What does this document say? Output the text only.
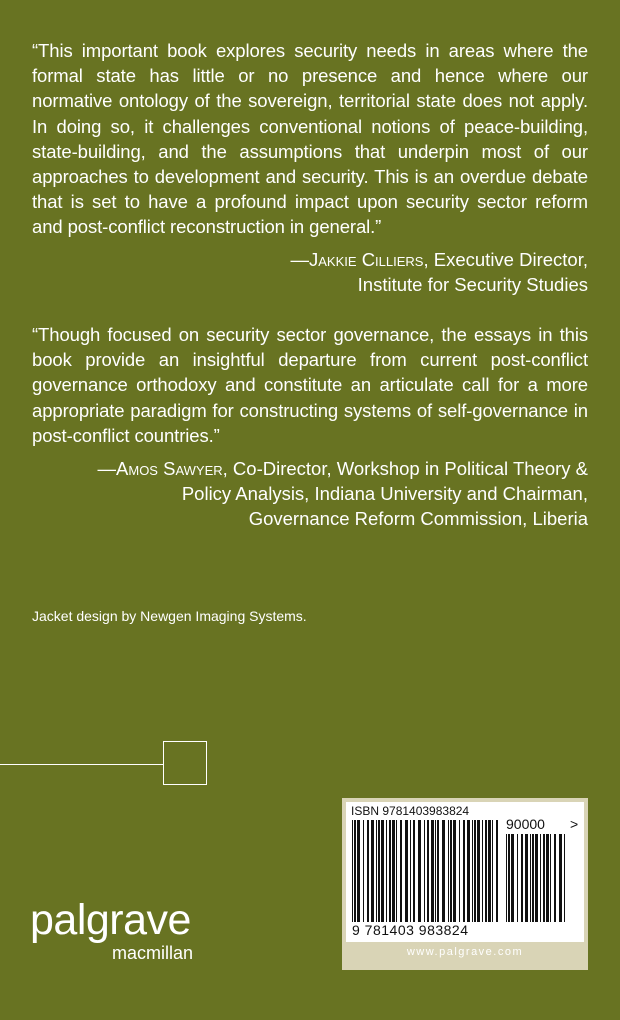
“This important book explores security needs in areas where the formal state has little or no presence and hence where our normative ontology of the sovereign, territorial state does not apply. In doing so, it challenges conventional notions of peace-building, state-building, and the assumptions that underpin most of our approaches to development and security. This is an overdue debate that is set to have a profound impact upon security sector reform and post-conflict reconstruction in general.”

—Jakkie Cilliers, Executive Director,
Institute for Security Studies

“Though focused on security sector governance, the essays in this book provide an insightful departure from current post-conflict governance orthodoxy and constitute an articulate call for a more appropriate paradigm for constructing systems of self-governance in post-conflict countries.”

—Amos Sawyer, Co-Director, Workshop in Political Theory &
Policy Analysis, Indiana University and Chairman,
Governance Reform Commission, Liberia

Jacket design by Newgen Imaging Systems.

palgrave
macmillan

ISBN 9781403983824

90000 >

9 781403 983824

www.palgrave.com
